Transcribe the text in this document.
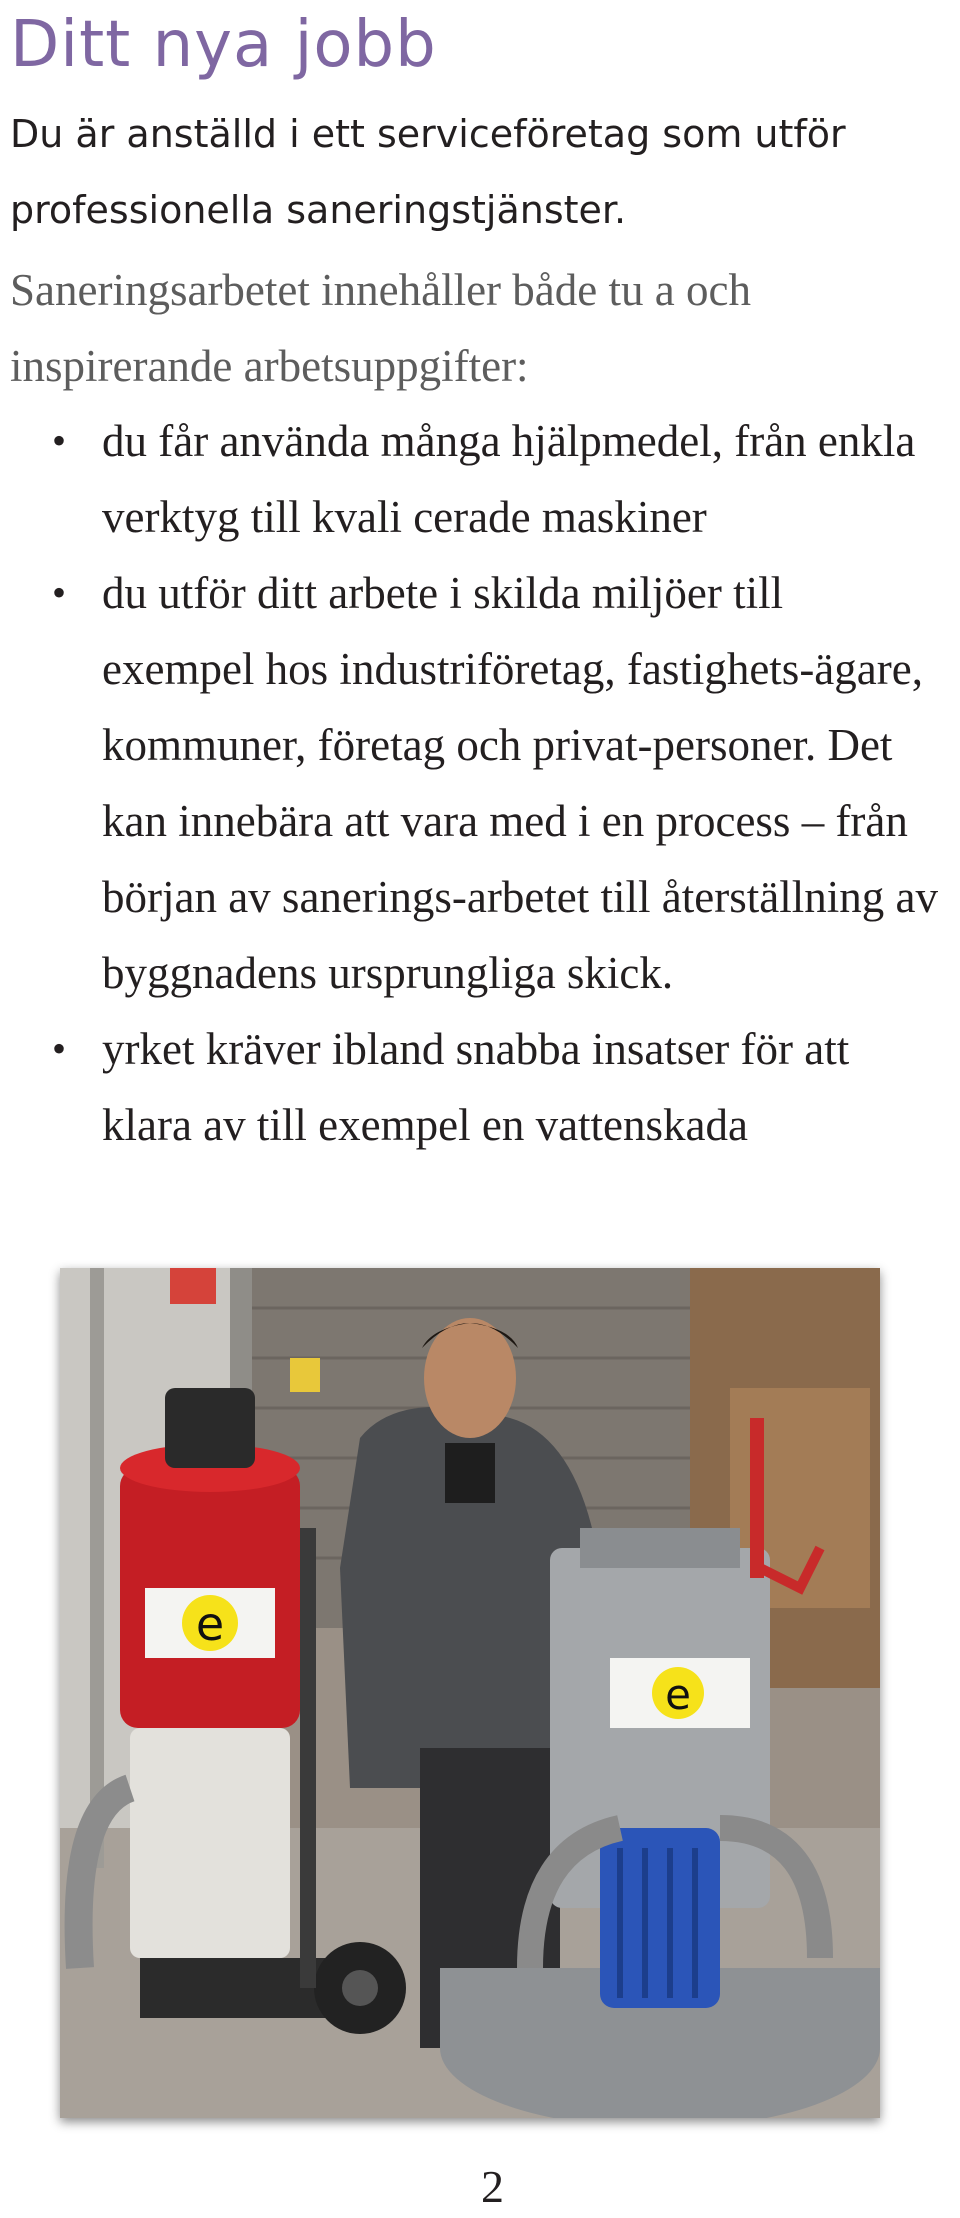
Ditt nya jobb

Du är anställd i ett serviceföretag som utför professionella saneringstjänster.

Saneringsarbetet innehåller både tu a och inspirerande arbetsuppgifter:

• du får använda många hjälpmedel, från enkla verktyg till kvali cerade maskiner
• du utför ditt arbete i skilda miljöer till exempel hos industriföretag, fastighets-ägare, kommuner, företag och privat-personer. Det kan innebära att vara med i en process – från början av sanerings-arbetet till återställning av byggnadens ursprungliga skick.
• yrket kräver ibland snabba insatser för att klara av till exempel en vattenskada
e
e
2
